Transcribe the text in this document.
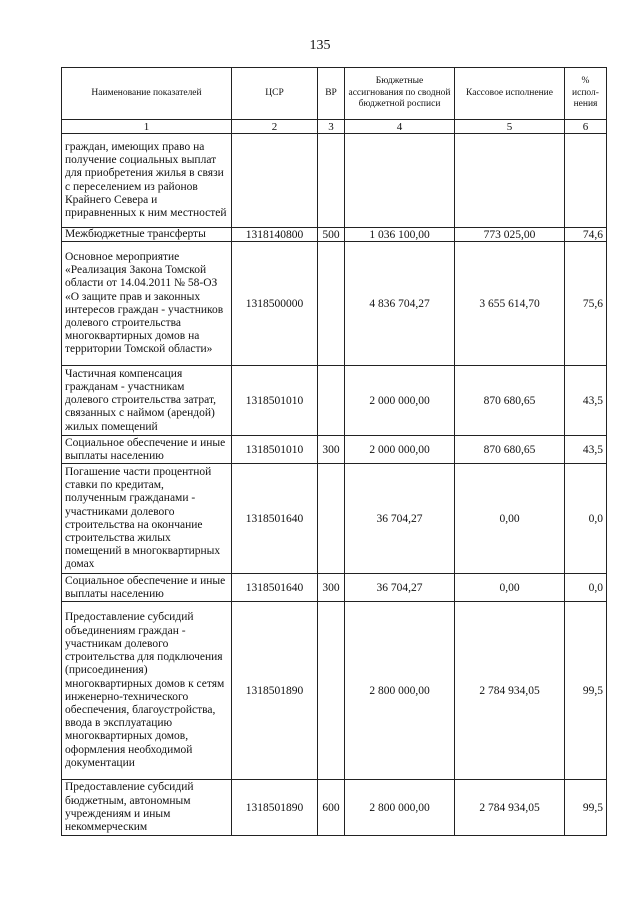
135
Наименование показателей	ЦСР	ВР	Бюджетные ассигнования по сводной бюджетной росписи	Кассовое исполнение	% испол-нения
1	2	3	4	5	6
граждан, имеющих право на получение социальных выплат для приобретения жилья в связи с переселением из районов Крайнего Севера и приравненных к ним местностей					
Межбюджетные трансферты	1318140800	500	1 036 100,00	773 025,00	74,6
Основное мероприятие «Реализация Закона Томской области от 14.04.2011 № 58-ОЗ «О защите прав и законных интересов граждан - участников долевого строительства многоквартирных домов на территории Томской области»	1318500000		4 836 704,27	3 655 614,70	75,6
Частичная компенсация гражданам - участникам долевого строительства затрат, связанных с наймом (арендой) жилых помещений	1318501010		2 000 000,00	870 680,65	43,5
Социальное обеспечение и иные выплаты населению	1318501010	300	2 000 000,00	870 680,65	43,5
Погашение части процентной ставки по кредитам, полученным гражданами - участниками долевого строительства на окончание строительства жилых помещений в многоквартирных домах	1318501640		36 704,27	0,00	0,0
Социальное обеспечение и иные выплаты населению	1318501640	300	36 704,27	0,00	0,0
Предоставление субсидий объединениям граждан - участникам долевого строительства для подключения (присоединения) многоквартирных домов к сетям инженерно-технического обеспечения, благоустройства, ввода в эксплуатацию многоквартирных домов, оформления необходимой документации	1318501890		2 800 000,00	2 784 934,05	99,5
Предоставление субсидий бюджетным, автономным учреждениям и иным некоммерческим	1318501890	600	2 800 000,00	2 784 934,05	99,5
